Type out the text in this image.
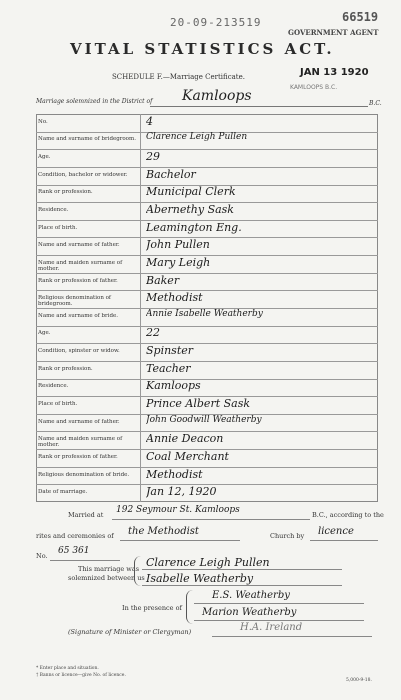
20-09-213519	66519
GOVERNMENT AGENT
VITAL STATISTICS ACT.
SCHEDULE F.—Marriage Certificate.	JAN 13 1920
KAMLOOPS B.C.
Marriage solemnized in the District of Kamloops	B.C.
No.	4
Name and surname of bridegroom. Clarence Leigh Pullen
Age.	29
Condition, bachelor or widower.	Bachelor
Rank or profession.	Municipal Clerk
Residence.	Abernethy Sask
Place of birth.	Leamington Eng.
Name and surname of father.	John Pullen
Name and maiden surname of mother.	Mary Leigh
Rank or profession of father.	Baker
Religious denomination of bridegroom.	Methodist
Name and surname of bride.	Annie Isabelle Weatherby
Age.	22
Condition, spinster or widow.	Spinster
Rank or profession.	Teacher
Residence.	Kamloops
Place of birth.	Prince Albert Sask
Name and surname of father.	John Goodwill Weatherby
Name and maiden surname of mother.	Annie Deacon
Rank or profession of father.	Coal Merchant
Religious denomination of bride.	Methodist
Date of marriage.	Jan 12, 1920
Married at 192 Seymour St. Kamloops	B.C., according to the
rites and ceremonies of the Methodist	Church by licence
No. 65 361
This marriage was
solemnized between us
Clarence Leigh Pullen
Isabelle Weatherby
In the presence of
E.S. Weatherby
Marion Weatherby
(Signature of Minister or Clergyman)	H.A. Ireland
* Enter place and situation.
† Banns or licence—give No. of licence.
5,000-9-18.
